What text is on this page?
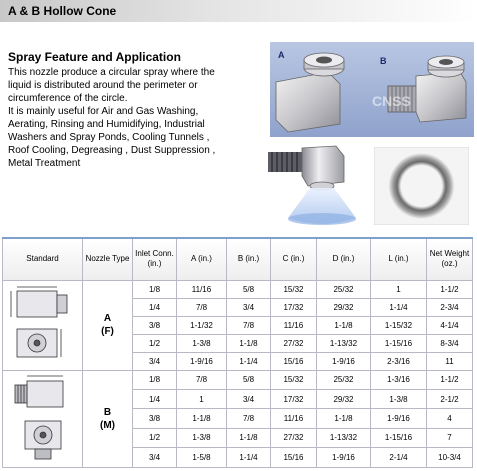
A & B Hollow Cone
Spray Feature and Application

This nozzle produce a circular spray where the

liquid is distributed around the perimeter or

circumference of the circle.

It is mainly useful for Air and Gas Washing,

Aerating, Rinsing and Humidifying, Industrial

Washers and Spray Ponds, Cooling Tunnels ,

Roof Cooling, Degreasing , Dust Suppression ,

Metal Treatment

A
B
CNSS
Standard	Nozzle Type	Inlet Conn. (in.)	A (in.)	B (in.)	C (in.)	D (in.)	L (in.)	Net Weight (oz.)

A
(F)	1/8	11/16	5/8	15/32	25/32	1	1-1/2
		1/4	7/8	3/4	17/32	29/32	1-1/4	2-3/4
		3/8	1-1/32	7/8	11/16	1-1/8	1-15/32	4-1/4
		1/2	1-3/8	1-1/8	27/32	1-13/32	1-15/16	8-3/4
		3/4	1-9/16	1-1/4	15/16	1-9/16	2-3/16	11

B
(M)	1/8	7/8	5/8	15/32	25/32	1-3/16	1-1/2
		1/4	1	3/4	17/32	29/32	1-3/8	2-1/2
		3/8	1-1/8	7/8	11/16	1-1/8	1-9/16	4
		1/2	1-3/8	1-1/8	27/32	1-13/32	1-15/16	7
		3/4	1-5/8	1-1/4	15/16	1-9/16	2-1/4	10-3/4
